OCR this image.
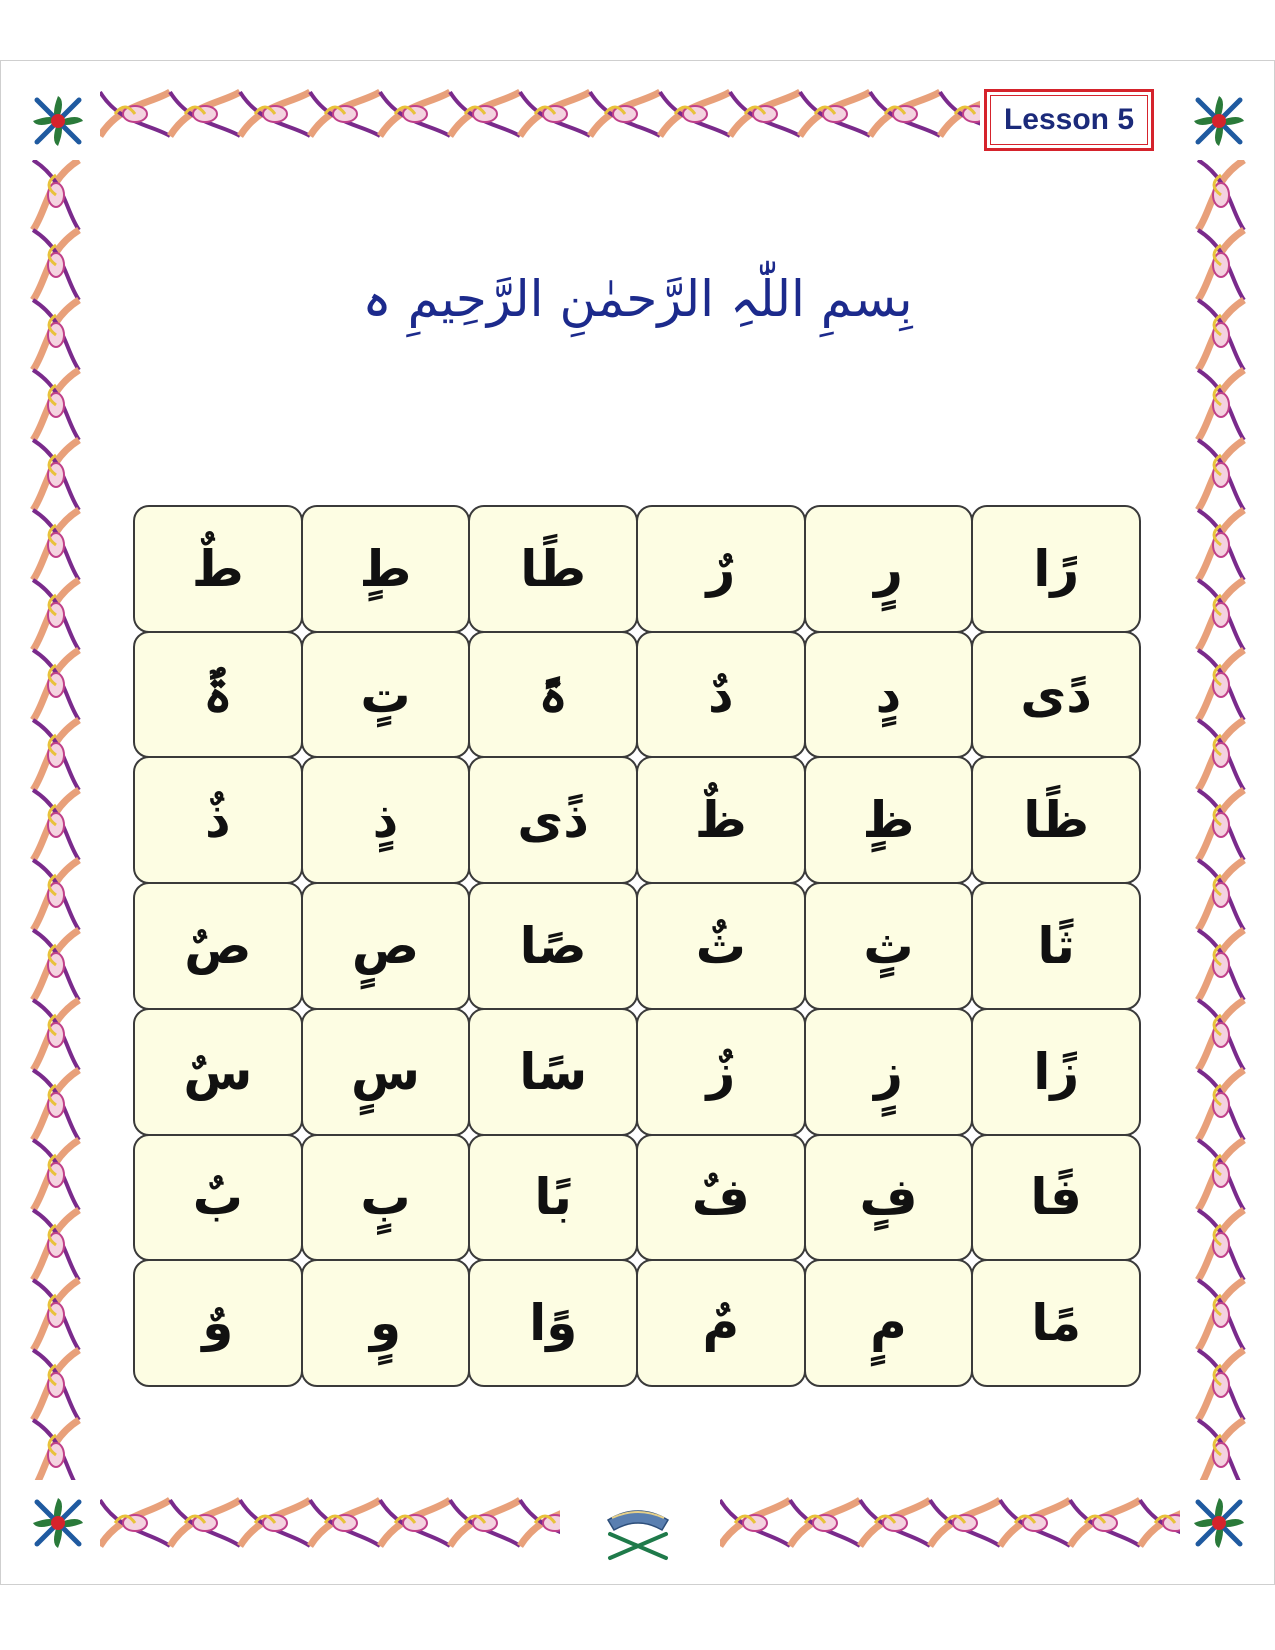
Lesson 5
بِسمِ اللّٰہِ الرَّحمٰنِ الرَّحِیمِ ہ
طٌ	طٍ	طًا	رٌ	رٍ	رًا
ۃٌ	تٍ	ۃً	دٌ	دٍ	دًی
ذٌ	ذٍ	ذًی	ظٌ	ظٍ	ظًا
صٌ	صٍ	صًا	ثٌ	ثٍ	ثًا
سٌ	سٍ	سًا	زٌ	زٍ	زًا
بٌ	بٍ	بًا	فٌ	فٍ	فًا
وٌ	وٍ	وًا	مٌ	مٍ	مًا
